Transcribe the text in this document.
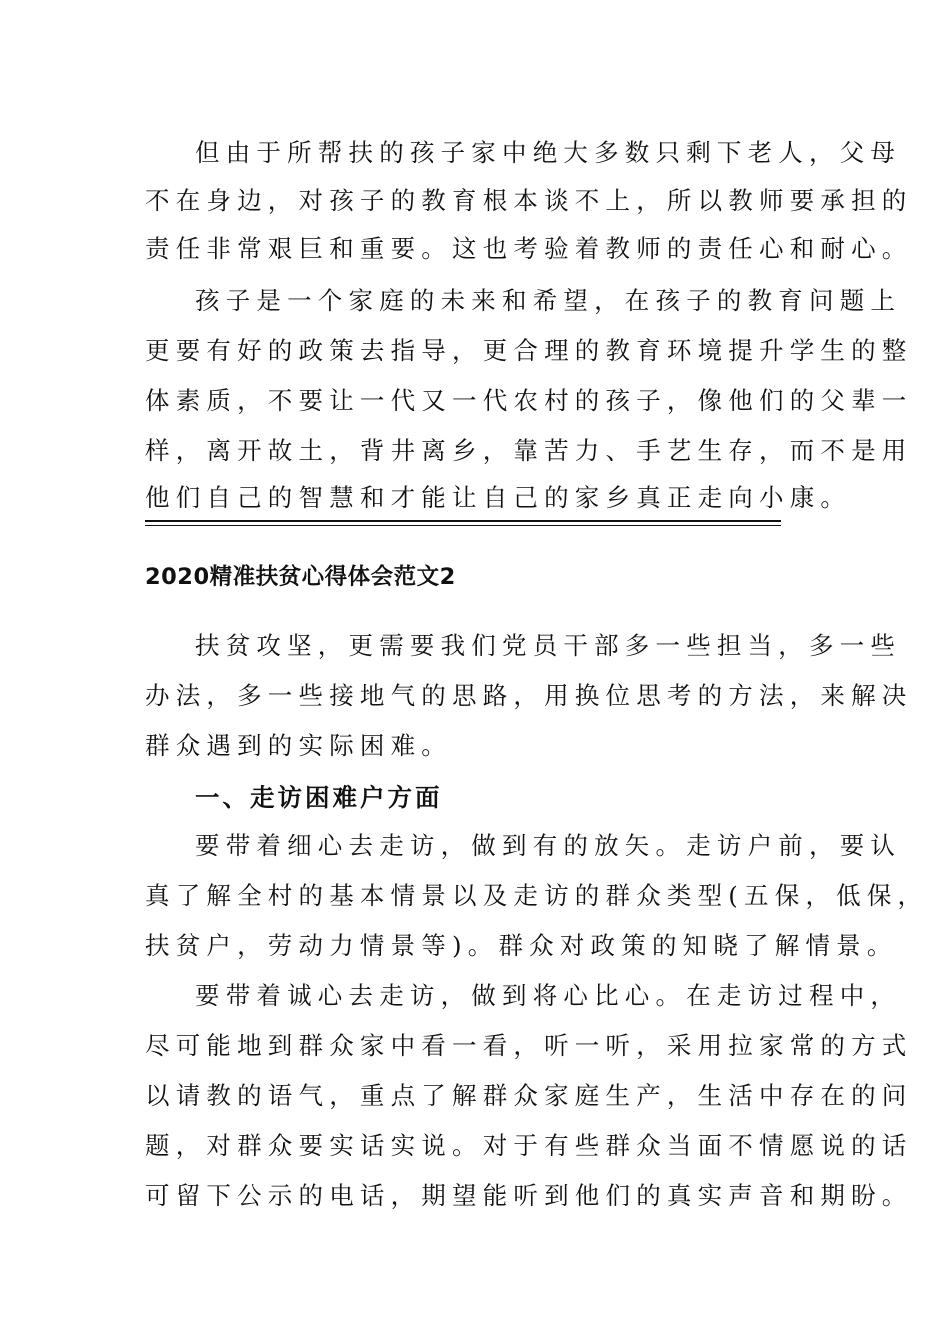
但由于所帮扶的孩子家中绝大多数只剩下老人，父母
不在身边，对孩子的教育根本谈不上，所以教师要承担的
责任非常艰巨和重要。这也考验着教师的责任心和耐心。
孩子是一个家庭的未来和希望，在孩子的教育问题上
更要有好的政策去指导，更合理的教育环境提升学生的整
体素质，不要让一代又一代农村的孩子，像他们的父辈一
样，离开故土，背井离乡，靠苦力、手艺生存，而不是用
他们自己的智慧和才能让自己的家乡真正走向小康。
2020精准扶贫心得体会范文2
扶贫攻坚，更需要我们党员干部多一些担当，多一些
办法，多一些接地气的思路，用换位思考的方法，来解决
群众遇到的实际困难。
一、走访困难户方面
要带着细心去走访，做到有的放矢。走访户前，要认
真了解全村的基本情景以及走访的群众类型(五保，低保，
扶贫户，劳动力情景等)。群众对政策的知晓了解情景。
要带着诚心去走访，做到将心比心。在走访过程中，
尽可能地到群众家中看一看，听一听，采用拉家常的方式
以请教的语气，重点了解群众家庭生产，生活中存在的问
题，对群众要实话实说。对于有些群众当面不情愿说的话
可留下公示的电话，期望能听到他们的真实声音和期盼。
